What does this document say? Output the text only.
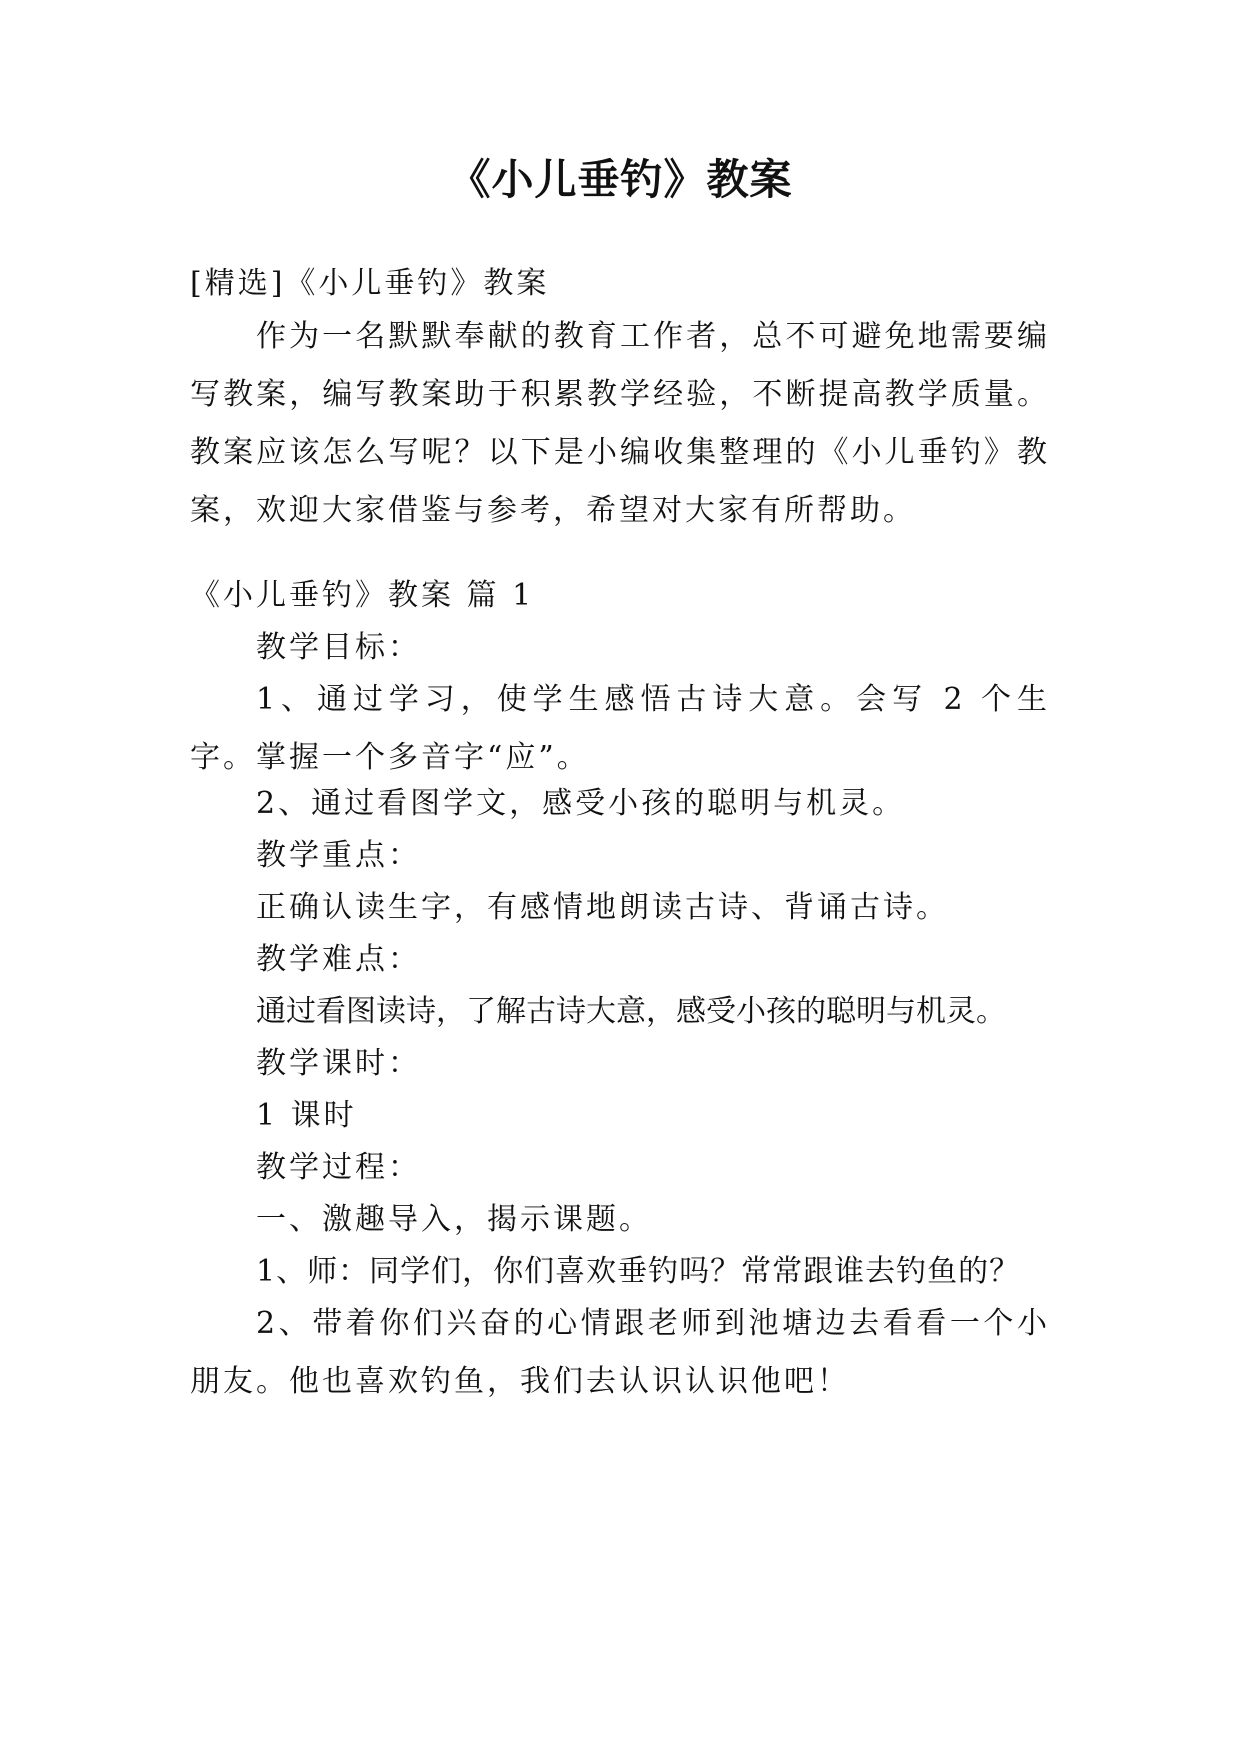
《小儿垂钓》教案
[精选]《小儿垂钓》教案
作为一名默默奉献的教育工作者，总不可避免地需要编写教案，编写教案助于积累教学经验，不断提高教学质量。教案应该怎么写呢？以下是小编收集整理的《小儿垂钓》教案，欢迎大家借鉴与参考，希望对大家有所帮助。
《小儿垂钓》教案 篇 1
教学目标：
1、通过学习，使学生感悟古诗大意。会写 2 个生字。掌握一个多音字“应”。
2、通过看图学文，感受小孩的聪明与机灵。
教学重点：
正确认读生字，有感情地朗读古诗、背诵古诗。
教学难点：
通过看图读诗，了解古诗大意，感受小孩的聪明与机灵。
教学课时：
1 课时
教学过程：
一、激趣导入，揭示课题。
1、师：同学们，你们喜欢垂钓吗？常常跟谁去钓鱼的？
2、带着你们兴奋的心情跟老师到池塘边去看看一个小朋友。他也喜欢钓鱼，我们去认识认识他吧！
